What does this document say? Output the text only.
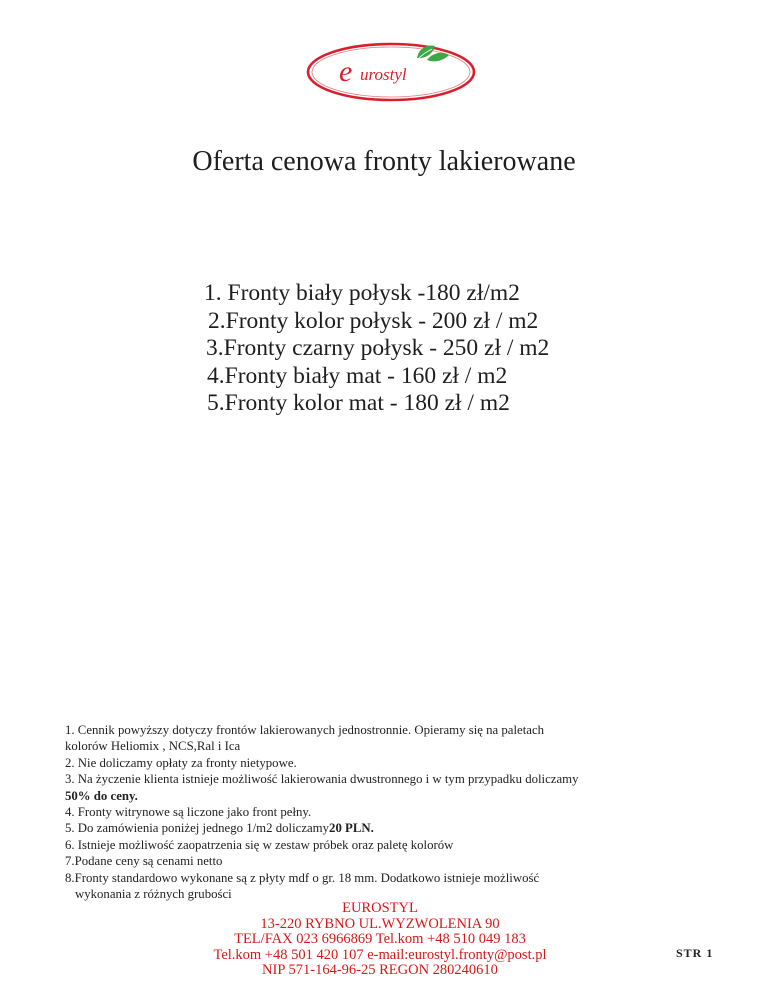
e urostyl
Oferta cenowa fronty lakierowane
1. Fronty biały połysk -180 zł/m2
2.Fronty kolor połysk - 200 zł / m2
3.Fronty czarny połysk - 250 zł / m2
4.Fronty biały mat - 160 zł / m2
5.Fronty kolor mat - 180 zł / m2
1. Cennik powyższy dotyczy frontów lakierowanych jednostronnie. Opieramy się na paletach
kolorów Heliomix , NCS,Ral i Ica
2. Nie doliczamy opłaty za fronty nietypowe.
3. Na życzenie klienta istnieje możliwość lakierowania dwustronnego i w tym przypadku doliczamy
50% do ceny.
4. Fronty witrynowe są liczone jako front pełny.
5. Do zamówienia poniżej jednego 1/m2 doliczamy20 PLN.
6. Istnieje możliwość zaopatrzenia się w zestaw próbek oraz paletę kolorów
7.Podane ceny są cenami netto
8.Fronty standardowo wykonane są z płyty mdf o gr. 18 mm. Dodatkowo istnieje możliwość
wykonania z różnych grubości
EUROSTYL
13-220 RYBNO UL.WYZWOLENIA 90
TEL/FAX 023 6966869 Tel.kom +48 510 049 183
Tel.kom +48 501 420 107 e-mail:eurostyl.fronty@post.pl
NIP 571-164-96-25 REGON 280240610
STR 1
